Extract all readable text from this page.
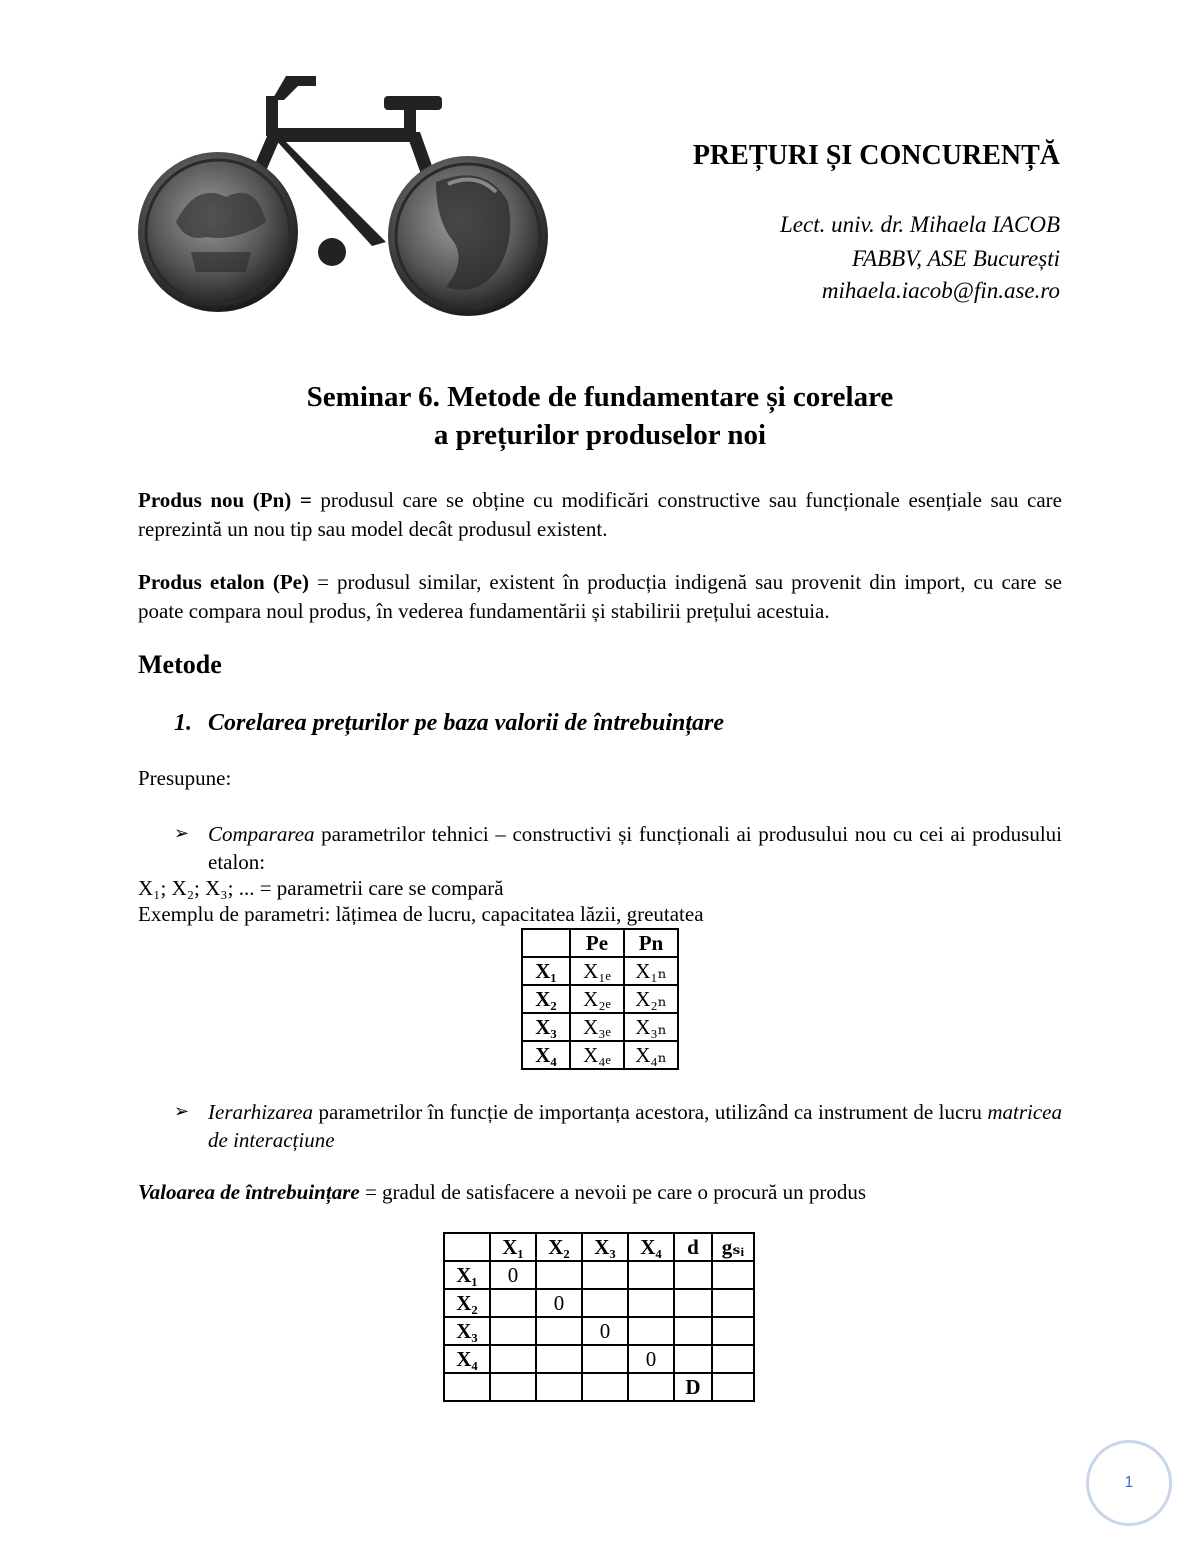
PREȚURI ȘI CONCURENȚĂ
Lect. univ. dr. Mihaela IACOB
FABBV, ASE București
mihaela.iacob@fin.ase.ro
Seminar 6. Metode de fundamentare și corelare
a prețurilor produselor noi
Produs nou (Pn) = produsul care se obține cu modificări constructive sau funcționale esențiale sau care reprezintă un nou tip sau model decât produsul existent.
Produs etalon (Pe) = produsul similar, existent în producția indigenă sau provenit din import, cu care se poate compara noul produs, în vederea fundamentării și stabilirii prețului acestuia.
Metode
1. Corelarea prețurilor pe baza valorii de întrebuințare
Presupune:
➢ Compararea parametrilor tehnici – constructivi și funcționali ai produsului nou cu cei ai produsului etalon:
X₁; X₂; X₃; ... = parametrii care se compară
Exemplu de parametri: lățimea de lucru, capacitatea lăzii, greutatea
	Pe	Pn
X₁	X₁ₑ	X₁ₙ
X₂	X₂ₑ	X₂ₙ
X₃	X₃ₑ	X₃ₙ
X₄	X₄ₑ	X₄ₙ
➢ Ierarhizarea parametrilor în funcție de importanța acestora, utilizând ca instrument de lucru matricea de interacțiune
Valoarea de întrebuințare = gradul de satisfacere a nevoii pe care o procură un produs
	X₁	X₂	X₃	X₄	d	gₛᵢ
X₁	0					
X₂		0				
X₃			0			
X₄				0		
					D	
1
